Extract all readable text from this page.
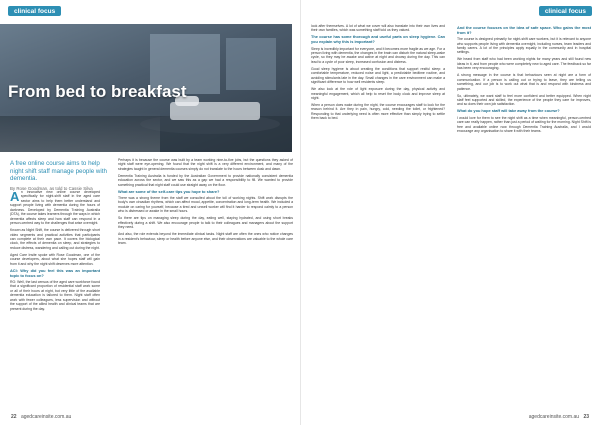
clinical focus
From bed to breakfast

A free online course aims to help night shift staff manage people with dementia.

By Rose Goodman, as told to Cassie Silva

An innovative new online course developed specifically for night-shift staff in the aged care sector aims to help them better understand and support people living with dementia during the hours of darkness. Developed by Dementia Training Australia (DTA), the course takes learners through the ways in which dementia affects sleep and how staff can respond in a person-centred way to the challenges that arise overnight.

Known as Night Shift, the course is delivered through short video segments and practical activities that participants can complete at their own pace. It covers the biological clock, the effects of dementia on sleep, and strategies to reduce distress, wandering and calling out during the night.

Aged Care Insite spoke with Rose Goodman, one of the course developers, about what she hopes staff will gain from it and why the night shift deserves more attention.

ACI: Why did you feel this was an important topic to focus on?

RG: Well, the last census of the aged care workforce found that a significant proportion of residential staff work some or all of their hours at night, but very little of the available dementia education is tailored to them. Night staff often work with fewer colleagues, less supervision and without the support of the allied health and clinical teams that are present during the day.

Perhaps it is because the course was built by a team working nine-to-five jobs, but the questions they asked of night staff were eye-opening. We found that the night shift is a very different environment, and many of the strategies taught in general dementia courses simply do not translate to the hours between dusk and dawn.

Dementia Training Australia is funded by the Australian Government to provide nationally consistent dementia education across the sector, and we saw this as a gap we had a responsibility to fill. We wanted to provide something practical that night staff could use straight away on the floor.

What are some of the self-care tips you hope to share?

There was a strong theme from the staff we consulted about the toll of working nights. Shift work disrupts the body's own circadian rhythms, which can affect mood, appetite, concentration and long-term health. We included a module on caring for yourself, because a tired and unwell worker will find it harder to respond calmly to a person who is distressed or awake in the small hours.

So there are tips on managing sleep during the day, eating well, staying hydrated, and using short breaks effectively during a shift. We also encourage people to talk to their colleagues and managers about the support they need.

And also, the role extends beyond the immediate clinical tasks. Night staff are often the ones who notice changes in a resident's behaviour, sleep or health before anyone else, and their observations are valuable to the whole care team.

22 agedcareinsite.com.au
clinical focus

look after themselves. A lot of what we cover will also translate into their own lives and their own families, which was something staff told us they valued.

The course has some thorough and useful parts on sleep hygiene. Can you explain why this is important?

Sleep is incredibly important for everyone, and it becomes more fragile as we age. For a person living with dementia, the changes in the brain can disturb the natural sleep-wake cycle, so they may be awake and active at night and drowsy during the day. This can lead to a cycle of poor sleep, increased confusion and distress.

Good sleep hygiene is about creating the conditions that support restful sleep: a comfortable temperature, reduced noise and light, a predictable bedtime routine, and avoiding stimulants late in the day. Small changes in the care environment can make a significant difference to how well residents sleep.

We also look at the role of light exposure during the day, physical activity and meaningful engagement, which all help to reset the body clock and improve sleep at night.

When a person does wake during the night, the course encourages staff to look for the reason behind it. Are they in pain, hungry, cold, needing the toilet, or frightened? Responding to that underlying need is often more effective than simply trying to settle them back to bed.

And the course focuses on the idea of safe space. Who gains the most from it?

The course is designed primarily for night-shift care workers, but it is relevant to anyone who supports people living with dementia overnight, including nurses, team leaders and family carers. A lot of the principles apply equally in the community and in hospital settings.

We heard from staff who had been working nights for many years and still found new ideas in it, and from people who were completely new to aged care. The feedback so far has been very encouraging.

A strong message in the course is that behaviours seen at night are a form of communication. If a person is calling out or trying to leave, they are telling us something, and our job is to work out what that is and respond with kindness and patience.

So, ultimately, we want staff to feel more confident and better equipped. When night staff feel supported and skilled, the experience of the people they care for improves, and so does their own job satisfaction.

What do you hope staff will take away from the course?

I would love for them to see the night shift as a time when meaningful, person-centred care can really happen, rather than just a period of waiting for the morning. Night Shift is free and available online now through Dementia Training Australia, and I would encourage any organisation to share it with their teams.

agedcareinsite.com.au 23
